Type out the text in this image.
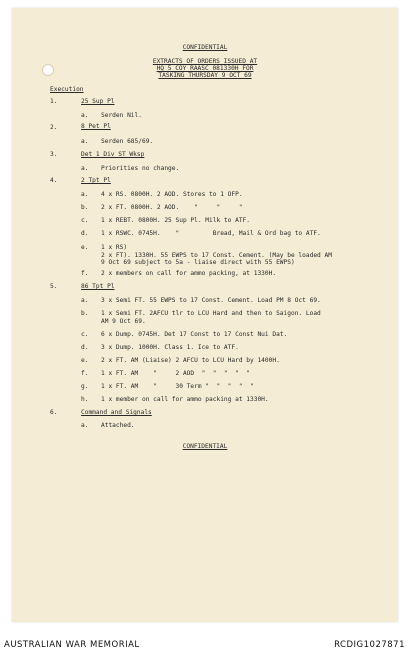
CONFIDENTIAL
EXTRACTS OF ORDERS ISSUED AT
HQ 5 COY RAASC 081330H FOR
TASKING THURSDAY 9 OCT 69
Execution
1.	25 Sup Pl
a. Serden Nil.
2.	8 Pet Pl
a. Serden 685/69.
3.	Det 1 Div ST Wksp
a. Priorities no change.
4.	2 Tpt Pl
a. 4 x RS. 0800H. 2 AOD. Stores to 1 OFP.
b. 2 x FT. 0800H. 2 AOD.    "     "     "
c. 1 x REBT. 0800H. 25 Sup Pl. Milk to ATF.
d. 1 x RSWC. 0745H.    "         Bread, Mail & Ord bag to ATF.
e. 1 x RS)
2 x FT). 1330H. 55 EWPS to 17 Const. Cement. (May be loaded AM
9 Oct 69 subject to 5a - liaise direct with 55 EWPS)
f. 2 x members on call for ammo packing, at 1330H.
5.	86 Tpt Pl
a. 3 x Semi FT. 55 EWPS to 17 Const. Cement. Load PM 8 Oct 69.
b. 1 x Semi FT. 2AFCU tlr to LCU Hard and then to Saigon. Load
AM 9 Oct 69.
c. 6 x Dump. 0745H. Det 17 Const to 17 Const Nui Dat.
d. 3 x Dump. 1000H. Class 1. Ice to ATF.
e. 2 x FT. AM (Liaise) 2 AFCU to LCU Hard by 1400H.
f. 1 x FT. AM    "     2 AOD  "  "  "  "  "
g. 1 x FT. AM    "     30 Term "  "  "  "  "
h. 1 x member on call for ammo packing at 1330H.
6.	Command and Signals
a. Attached.
CONFIDENTIAL
AUSTRALIAN WAR MEMORIAL	RCDIG1027871
